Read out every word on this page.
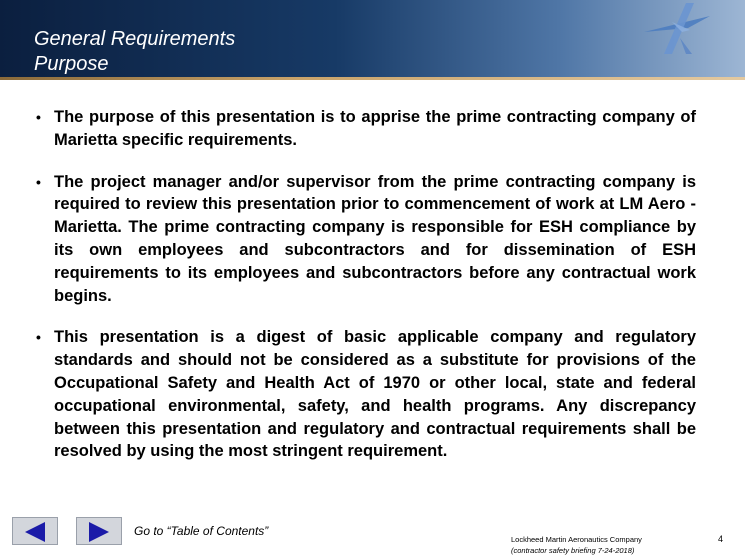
General Requirements
Purpose
• The purpose of this presentation is to apprise the prime contracting company of Marietta specific requirements.
• The project manager and/or supervisor from the prime contracting company is required to review this presentation prior to commencement of work at LM Aero - Marietta. The prime contracting company is responsible for ESH compliance by its own employees and subcontractors and for dissemination of ESH requirements to its employees and subcontractors before any contractual work begins.
• This presentation is a digest of basic applicable company and regulatory standards and should not be considered as a substitute for provisions of the Occupational Safety and Health Act of 1970 or other local, state and federal occupational environmental, safety, and health programs. Any discrepancy between this presentation and regulatory and contractual requirements shall be resolved by using the most stringent requirement.
Go to “Table of Contents”
Lockheed Martin Aeronautics Company
(contractor safety briefing 7-24-2018)
4
